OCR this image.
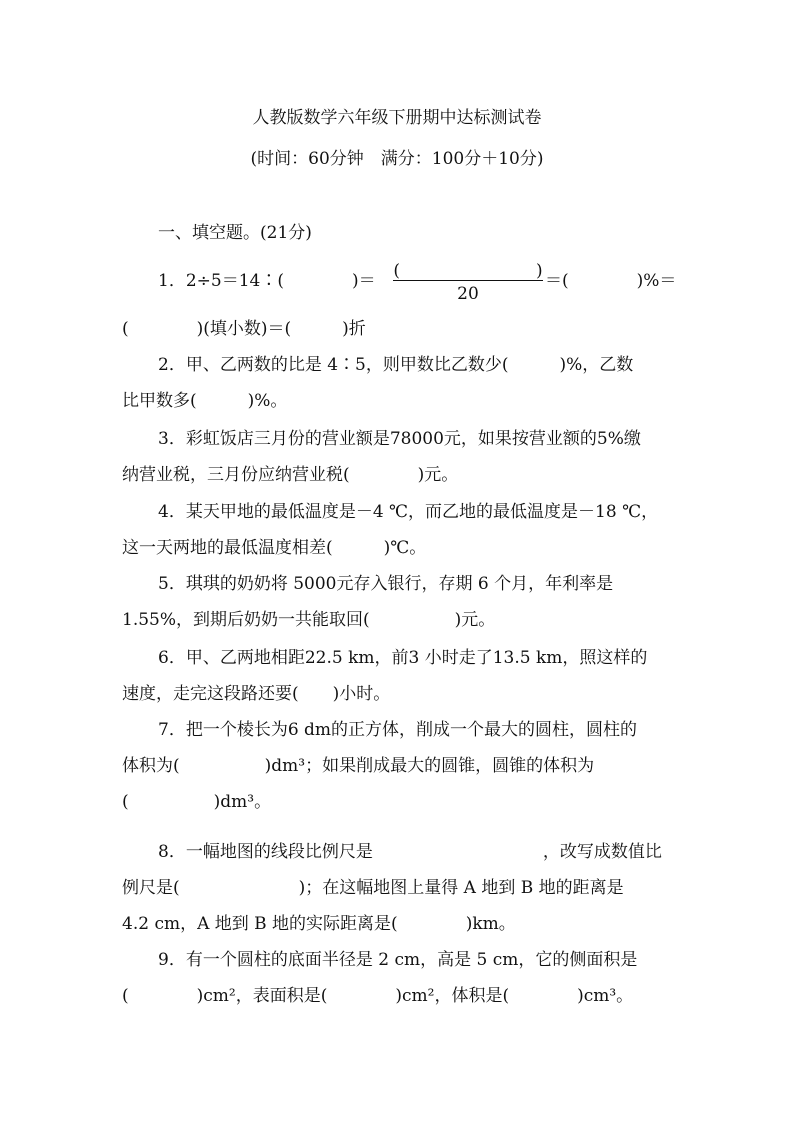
人教版数学六年级下册期中达标测试卷
(时间：60分钟　满分：100分＋10分)
一、填空题。(21分)
1．2÷5＝14∶(　　　　)＝ (　　　　　　　　)
20
＝(　　　　)%＝
(　　　　)(填小数)＝(　　　)折
2．甲、乙两数的比是 4∶5，则甲数比乙数少(　　　)%，乙数
比甲数多(　　　)%。
3．彩虹饭店三月份的营业额是78000元，如果按营业额的5%缴
纳营业税，三月份应纳营业税(　　　　)元。
4．某天甲地的最低温度是－4 ℃，而乙地的最低温度是－18 ℃，
这一天两地的最低温度相差(　　　)℃。
5．琪琪的奶奶将 5000元存入银行，存期 6 个月，年利率是
1.55%，到期后奶奶一共能取回(　　　　　)元。
6．甲、乙两地相距22.5 km，前3 小时走了13.5 km，照这样的
速度，走完这段路还要(　　)小时。
7．把一个棱长为6 dm的正方体，削成一个最大的圆柱，圆柱的
体积为(　　　　　)dm³；如果削成最大的圆锥，圆锥的体积为
(　　　　　)dm³。
8．一幅地图的线段比例尺是　　　　　　　　　　，改写成数值比
例尺是(　　　　　　　)；在这幅地图上量得 A 地到 B 地的距离是
4.2 cm，A 地到 B 地的实际距离是(　　　　)km。
9．有一个圆柱的底面半径是 2 cm，高是 5 cm，它的侧面积是
(　　　　)cm²，表面积是(　　　　)cm²，体积是(　　　　)cm³。
